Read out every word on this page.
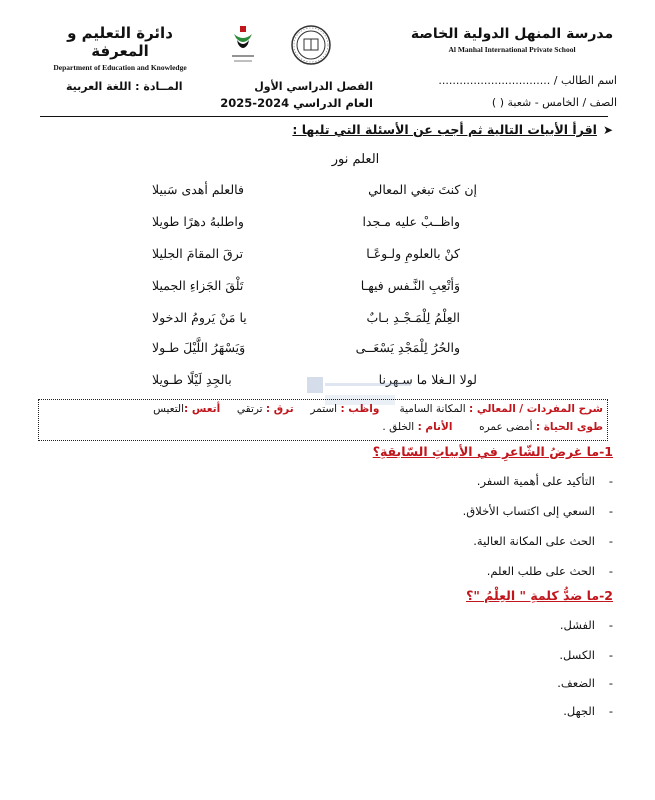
مدرسة المنهل الدولية الخاصة
Al Manhal International Private School
دائرة التعليم و المعرفة
Department of Education and Knowledge
اسم الطالب / ................................
الصف / الخامس - شعبة ( )
الفصل الدراسي الأول
العام الدراسي 2024-2025
المــادة : اللغة العربية
➤اقرأ الأبيات التالية ثم أجب عن الأسئلة التي تليها :
العلم نور
إن كنتَ تبغي المعالي
فالعلم أهدى سَبيلا
واظــبْ عليه مـجدا
واطلبهُ دهرًا طويلا
كنْ بالعلومِ ولـوعًـا
ترقَ المقامَ الجليلا
وَأتْعِبِ النَّـفس فيهـا
تَلْقَ الجَزاءِ الجميلا
العِلْمُ لِلْمَـجْـدِ بـابٌ
يا مَنْ يَرومُ الدخولا
والحُرُ لِلْمَجْدِ يَسْعَــى
وَيَسْهَرُ اللَّيْلَ طـولا
لولا الـغلا ما سـهرنا
بالجِدِ لَيْلًا طـويلا
شرح المفردات / المعالي : المكانة السامية      واظب : استمر     ترق : ترتقي     أتعس :التعيس
طوى الحياة : أمضى عمره        الأنام : الخلق .
1-ما غرضُ الشّاعرِ في الأبياتِ السّابقةِ؟
-التأكيد على أهمية السفر.
-السعي إلى اكتساب الأخلاق.
-الحث على المكانة العالية.
-الحث على طلب العلم.
2-ما ضدُّ كلمةِ " العِلْمُ "؟
-الفشل.
-الكسل.
-الضعف.
-الجهل.
